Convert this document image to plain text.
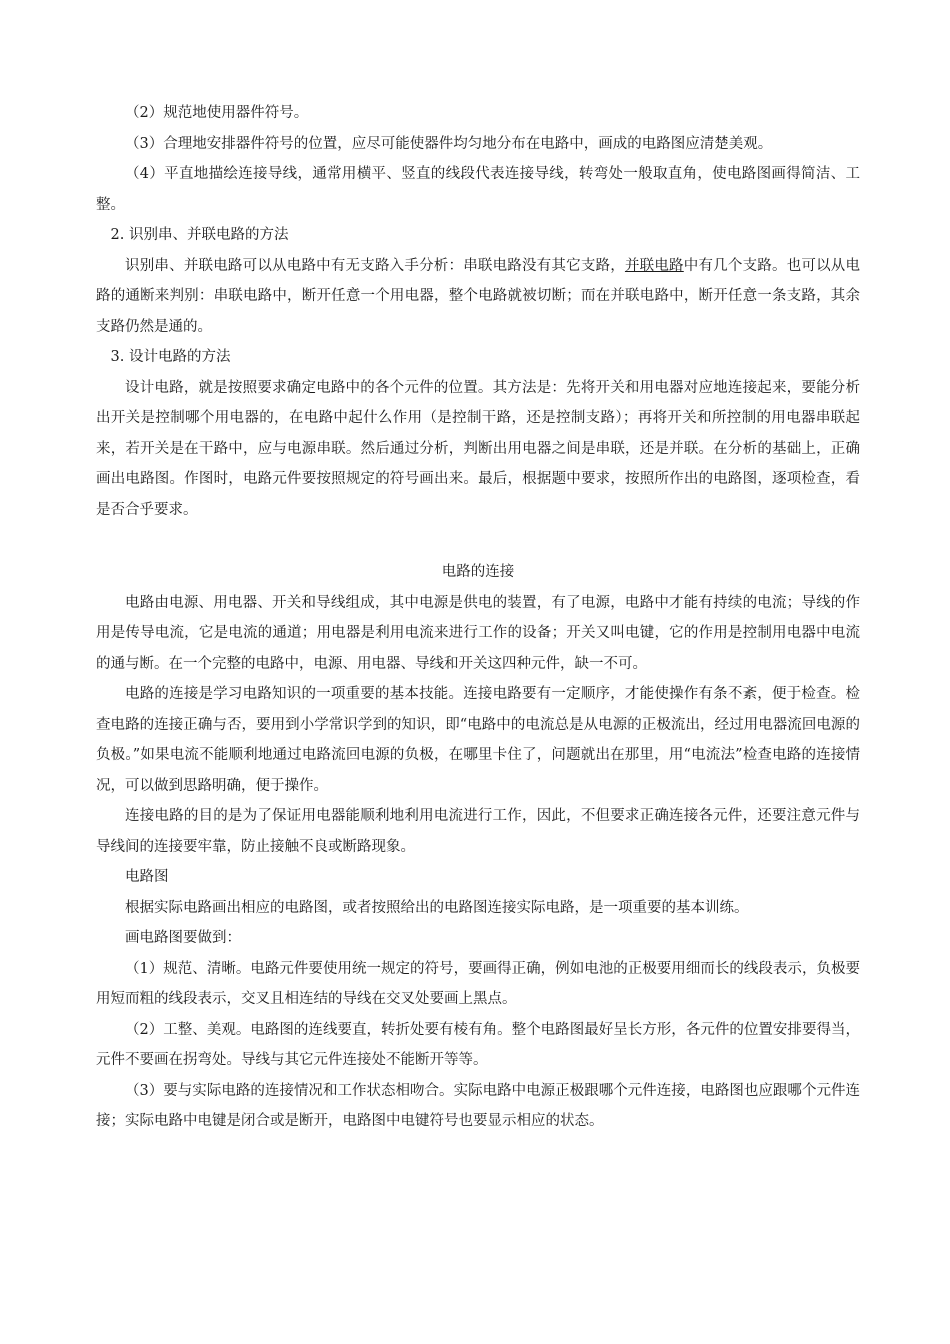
（2）规范地使用器件符号。

（3）合理地安排器件符号的位置，应尽可能使器件均匀地分布在电路中，画成的电路图应清楚美观。

（4）平直地描绘连接导线，通常用横平、竖直的线段代表连接导线，转弯处一般取直角，使电路图画得简洁、工整。

2. 识别串、并联电路的方法

识别串、并联电路可以从电路中有无支路入手分析：串联电路没有其它支路，并联电路中有几个支路。也可以从电路的通断来判别：串联电路中，断开任意一个用电器，整个电路就被切断；而在并联电路中，断开任意一条支路，其余支路仍然是通的。

3. 设计电路的方法

设计电路，就是按照要求确定电路中的各个元件的位置。其方法是：先将开关和用电器对应地连接起来，要能分析出开关是控制哪个用电器的，在电路中起什么作用（是控制干路，还是控制支路）；再将开关和所控制的用电器串联起来，若开关是在干路中，应与电源串联。然后通过分析，判断出用电器之间是串联，还是并联。在分析的基础上，正确画出电路图。作图时，电路元件要按照规定的符号画出来。最后，根据题中要求，按照所作出的电路图，逐项检查，看是否合乎要求。

电路的连接

电路由电源、用电器、开关和导线组成，其中电源是供电的装置，有了电源，电路中才能有持续的电流；导线的作用是传导电流，它是电流的通道；用电器是利用电流来进行工作的设备；开关又叫电键，它的作用是控制用电器中电流的通与断。在一个完整的电路中，电源、用电器、导线和开关这四种元件，缺一不可。

电路的连接是学习电路知识的一项重要的基本技能。连接电路要有一定顺序，才能使操作有条不紊，便于检查。检查电路的连接正确与否，要用到小学常识学到的知识，即“电路中的电流总是从电源的正极流出，经过用电器流回电源的负极。”如果电流不能顺利地通过电路流回电源的负极，在哪里卡住了，问题就出在那里，用“电流法”检查电路的连接情况，可以做到思路明确，便于操作。

连接电路的目的是为了保证用电器能顺利地利用电流进行工作，因此，不但要求正确连接各元件，还要注意元件与导线间的连接要牢靠，防止接触不良或断路现象。

电路图

根据实际电路画出相应的电路图，或者按照给出的电路图连接实际电路，是一项重要的基本训练。

画电路图要做到：

（1）规范、清晰。电路元件要使用统一规定的符号，要画得正确，例如电池的正极要用细而长的线段表示，负极要用短而粗的线段表示，交叉且相连结的导线在交叉处要画上黑点。

（2）工整、美观。电路图的连线要直，转折处要有棱有角。整个电路图最好呈长方形，各元件的位置安排要得当，元件不要画在拐弯处。导线与其它元件连接处不能断开等等。

（3）要与实际电路的连接情况和工作状态相吻合。实际电路中电源正极跟哪个元件连接，电路图也应跟哪个元件连接；实际电路中电键是闭合或是断开，电路图中电键符号也要显示相应的状态。
